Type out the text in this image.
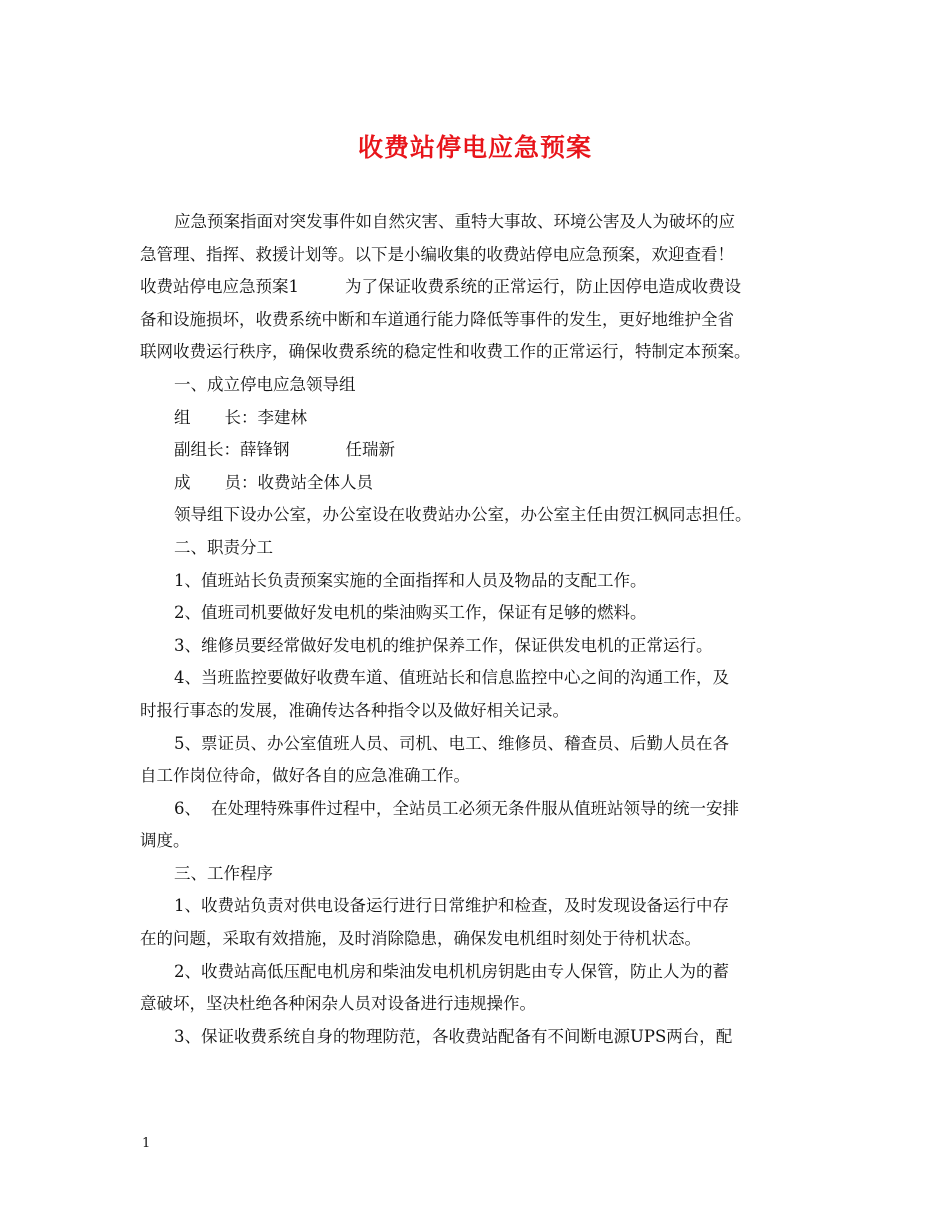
收费站停电应急预案

应急预案指面对突发事件如自然灾害、重特大事故、环境公害及人为破坏的应

急管理、指挥、救援计划等。以下是小编收集的收费站停电应急预案，欢迎查看！

收费站停电应急预案1	为了保证收费系统的正常运行，防止因停电造成收费设

备和设施损坏，收费系统中断和车道通行能力降低等事件的发生，更好地维护全省

联网收费运行秩序，确保收费系统的稳定性和收费工作的正常运行，特制定本预案。

一、成立停电应急领导组

组 长：李建林

副组长：薛锋钢	任瑞新

成 员：收费站全体人员

领导组下设办公室，办公室设在收费站办公室，办公室主任由贺江枫同志担任。

二、职责分工

1、值班站长负责预案实施的全面指挥和人员及物品的支配工作。

2、值班司机要做好发电机的柴油购买工作，保证有足够的燃料。

3、维修员要经常做好发电机的维护保养工作，保证供发电机的正常运行。

4、当班监控要做好收费车道、值班站长和信息监控中心之间的沟通工作，及

时报行事态的发展，准确传达各种指令以及做好相关记录。

5、票证员、办公室值班人员、司机、电工、维修员、稽查员、后勤人员在各

自工作岗位待命，做好各自的应急准确工作。

6、 在处理特殊事件过程中，全站员工必须无条件服从值班站领导的统一安排

调度。

三、工作程序

1、收费站负责对供电设备运行进行日常维护和检查，及时发现设备运行中存

在的问题，采取有效措施，及时消除隐患，确保发电机组时刻处于待机状态。

2、收费站高低压配电机房和柴油发电机机房钥匙由专人保管，防止人为的蓄

意破坏，坚决杜绝各种闲杂人员对设备进行违规操作。

3、保证收费系统自身的物理防范，各收费站配备有不间断电源UPS两台，配

1
